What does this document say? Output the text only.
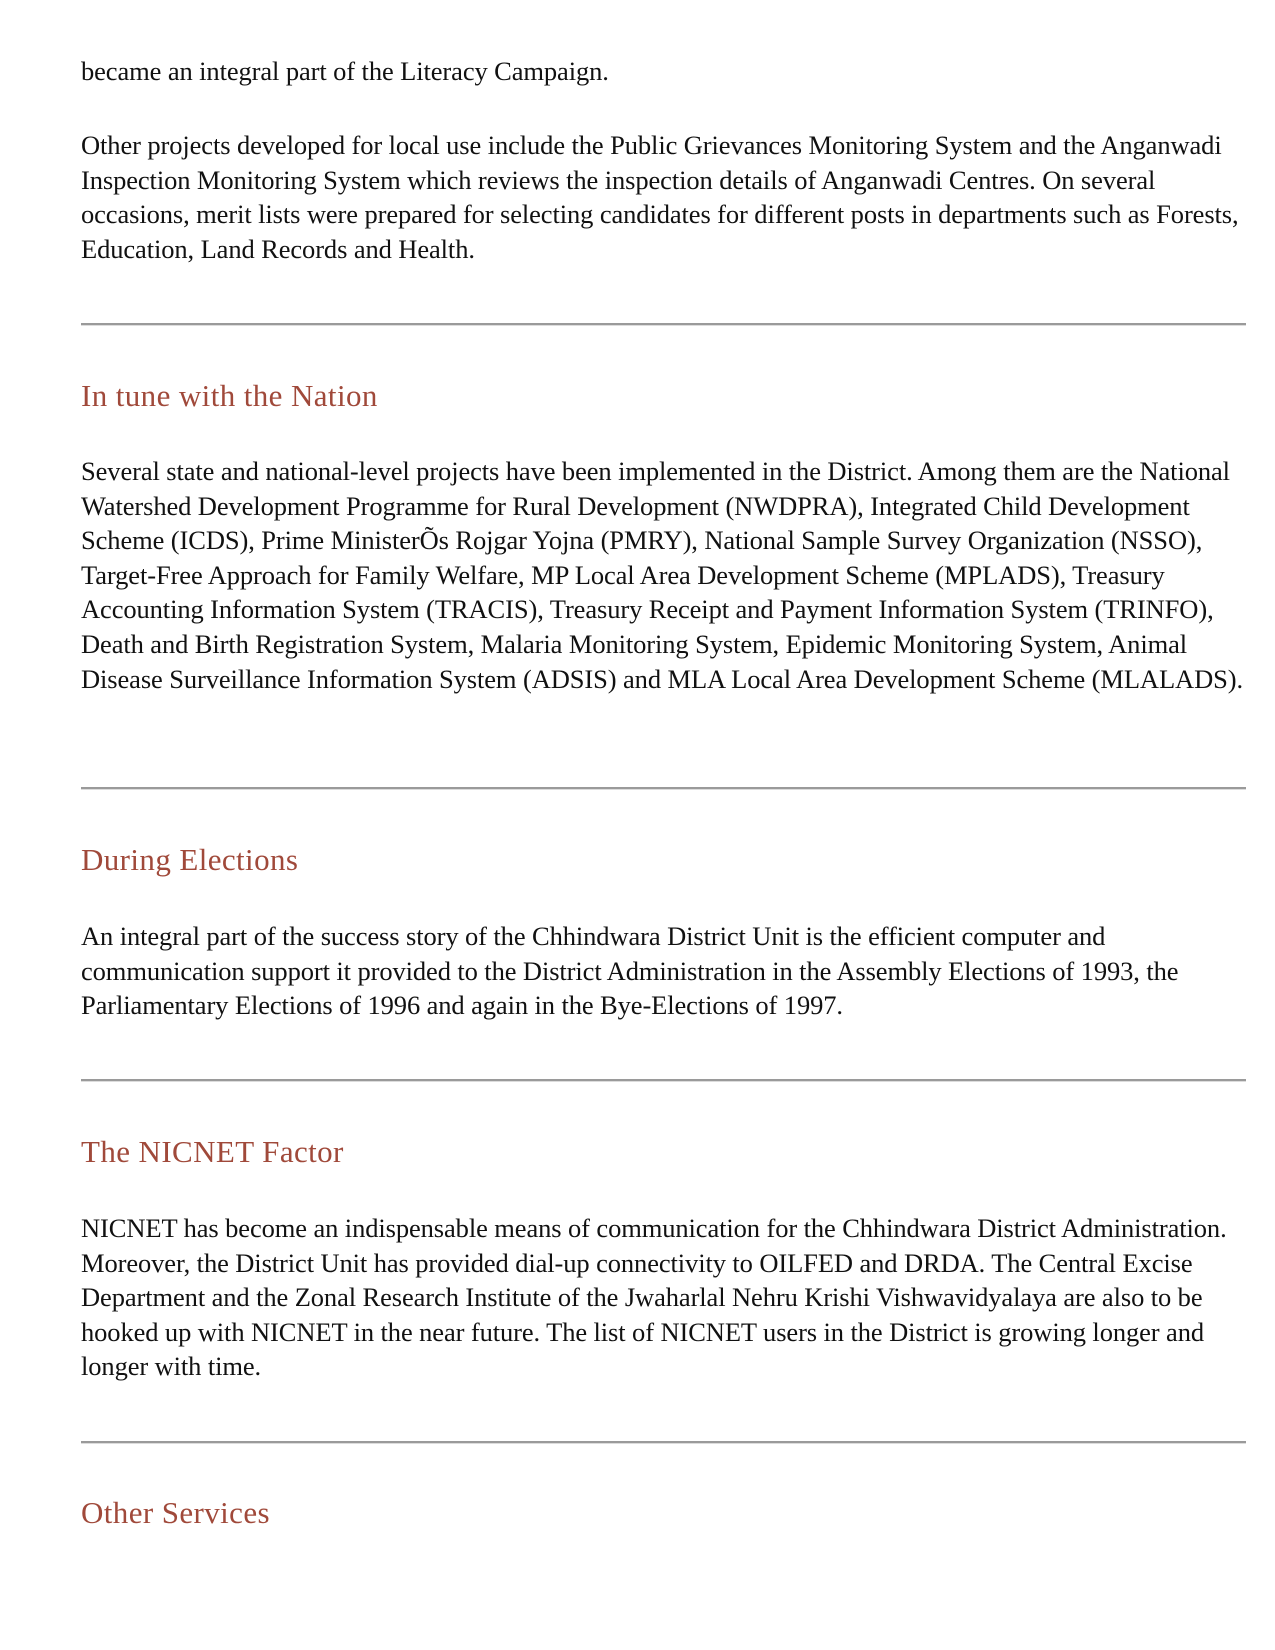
became an integral part of the Literacy Campaign.

Other projects developed for local use include the Public Grievances Monitoring System and the Anganwadi Inspection Monitoring System which reviews the inspection details of Anganwadi Centres. On several occasions, merit lists were prepared for selecting candidates for different posts in departments such as Forests, Education, Land Records and Health.

In tune with the Nation

Several state and national-level projects have been implemented in the District. Among them are the National Watershed Development Programme for Rural Development (NWDPRA), Integrated Child Development Scheme (ICDS), Prime MinisterÕs Rojgar Yojna (PMRY), National Sample Survey Organization (NSSO), Target-Free Approach for Family Welfare, MP Local Area Development Scheme (MPLADS), Treasury Accounting Information System (TRACIS), Treasury Receipt and Payment Information System (TRINFO), Death and Birth Registration System, Malaria Monitoring System, Epidemic Monitoring System, Animal Disease Surveillance Information System (ADSIS) and MLA Local Area Development Scheme (MLALADS).

During Elections

An integral part of the success story of the Chhindwara District Unit is the efficient computer and communication support it provided to the District Administration in the Assembly Elections of 1993, the Parliamentary Elections of 1996 and again in the Bye-Elections of 1997.

The NICNET Factor

NICNET has become an indispensable means of communication for the Chhindwara District Administration. Moreover, the District Unit has provided dial-up connectivity to OILFED and DRDA. The Central Excise Department and the Zonal Research Institute of the Jwaharlal Nehru Krishi Vishwavidyalaya are also to be hooked up with NICNET in the near future. The list of NICNET users in the District is growing longer and longer with time.

Other Services
